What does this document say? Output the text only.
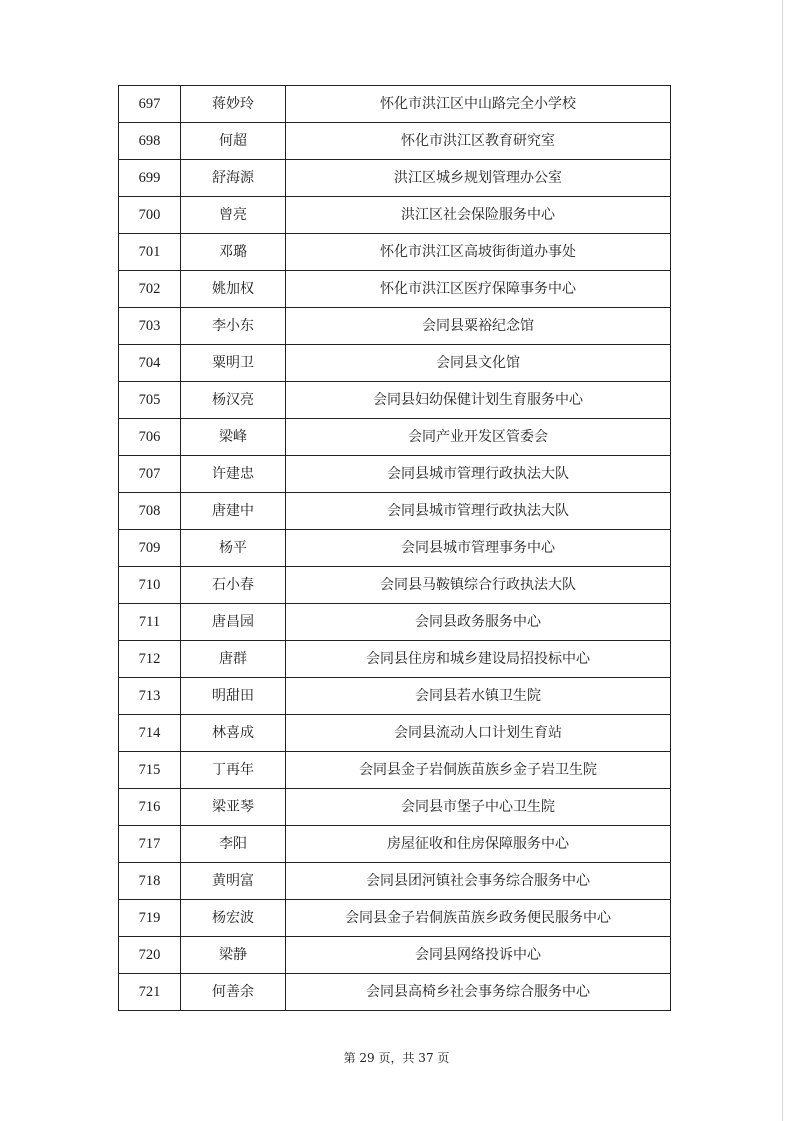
697	蒋妙玲	怀化市洪江区中山路完全小学校
698	何超	怀化市洪江区教育研究室
699	舒海源	洪江区城乡规划管理办公室
700	曾亮	洪江区社会保险服务中心
701	邓璐	怀化市洪江区高坡街街道办事处
702	姚加权	怀化市洪江区医疗保障事务中心
703	李小东	会同县粟裕纪念馆
704	粟明卫	会同县文化馆
705	杨汉亮	会同县妇幼保健计划生育服务中心
706	梁峰	会同产业开发区管委会
707	许建忠	会同县城市管理行政执法大队
708	唐建中	会同县城市管理行政执法大队
709	杨平	会同县城市管理事务中心
710	石小春	会同县马鞍镇综合行政执法大队
711	唐昌园	会同县政务服务中心
712	唐群	会同县住房和城乡建设局招投标中心
713	明甜田	会同县若水镇卫生院
714	林喜成	会同县流动人口计划生育站
715	丁再年	会同县金子岩侗族苗族乡金子岩卫生院
716	梁亚琴	会同县市堡子中心卫生院
717	李阳	房屋征收和住房保障服务中心
718	黄明富	会同县团河镇社会事务综合服务中心
719	杨宏波	会同县金子岩侗族苗族乡政务便民服务中心
720	梁静	会同县网络投诉中心
721	何善余	会同县高椅乡社会事务综合服务中心
第 29 页，共 37 页
